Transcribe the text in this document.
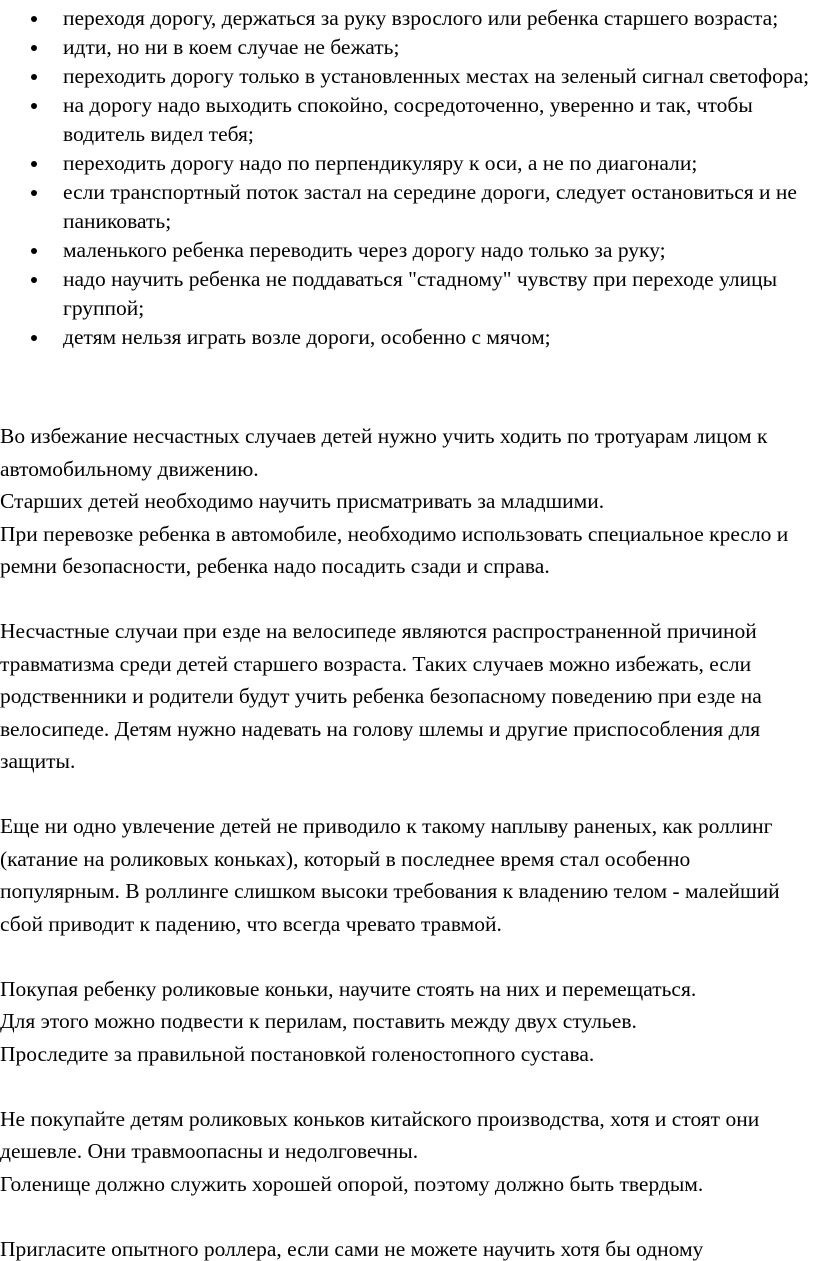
переходя дорогу, держаться за руку взрослого или ребенка старшего возраста;
идти, но ни в коем случае не бежать;
переходить дорогу только в установленных местах на зеленый сигнал светофора;
на дорогу надо выходить спокойно, сосредоточенно, уверенно и так, чтобы водитель видел тебя;
переходить дорогу надо по перпендикуляру к оси, а не по диагонали;
если транспортный поток застал на середине дороги, следует остановиться и не паниковать;
маленького ребенка переводить через дорогу надо только за руку;
надо научить ребенка не поддаваться "стадному" чувству при переходе улицы группой;
детям нельзя играть возле дороги, особенно с мячом;

Во избежание несчастных случаев детей нужно учить ходить по тротуарам лицом к автомобильному движению.

Старших детей необходимо научить присматривать за младшими.

При перевозке ребенка в автомобиле, необходимо использовать специальное кресло и ремни безопасности, ребенка надо посадить сзади и справа.

Несчастные случаи при езде на велосипеде являются распространенной причиной травматизма среди детей старшего возраста. Таких случаев можно избежать, если родственники и родители будут учить ребенка безопасному поведению при езде на велосипеде. Детям нужно надевать на голову шлемы и другие приспособления для защиты.

Еще ни одно увлечение детей не приводило к такому наплыву раненых, как роллинг (катание на роликовых коньках), который в последнее время стал особенно популярным. В роллинге слишком высоки требования к владению телом - малейший сбой приводит к падению, что всегда чревато травмой.

Покупая ребенку роликовые коньки, научите стоять на них и перемещаться.

Для этого можно подвести к перилам, поставить между двух стульев.

Проследите за правильной постановкой голеностопного сустава.

Не покупайте детям роликовых коньков китайского производства, хотя и стоят они дешевле. Они травмоопасны и недолговечны.

Голенище должно служить хорошей опорой, поэтому должно быть твердым.

Пригласите опытного роллера, если сами не можете научить хотя бы одному
